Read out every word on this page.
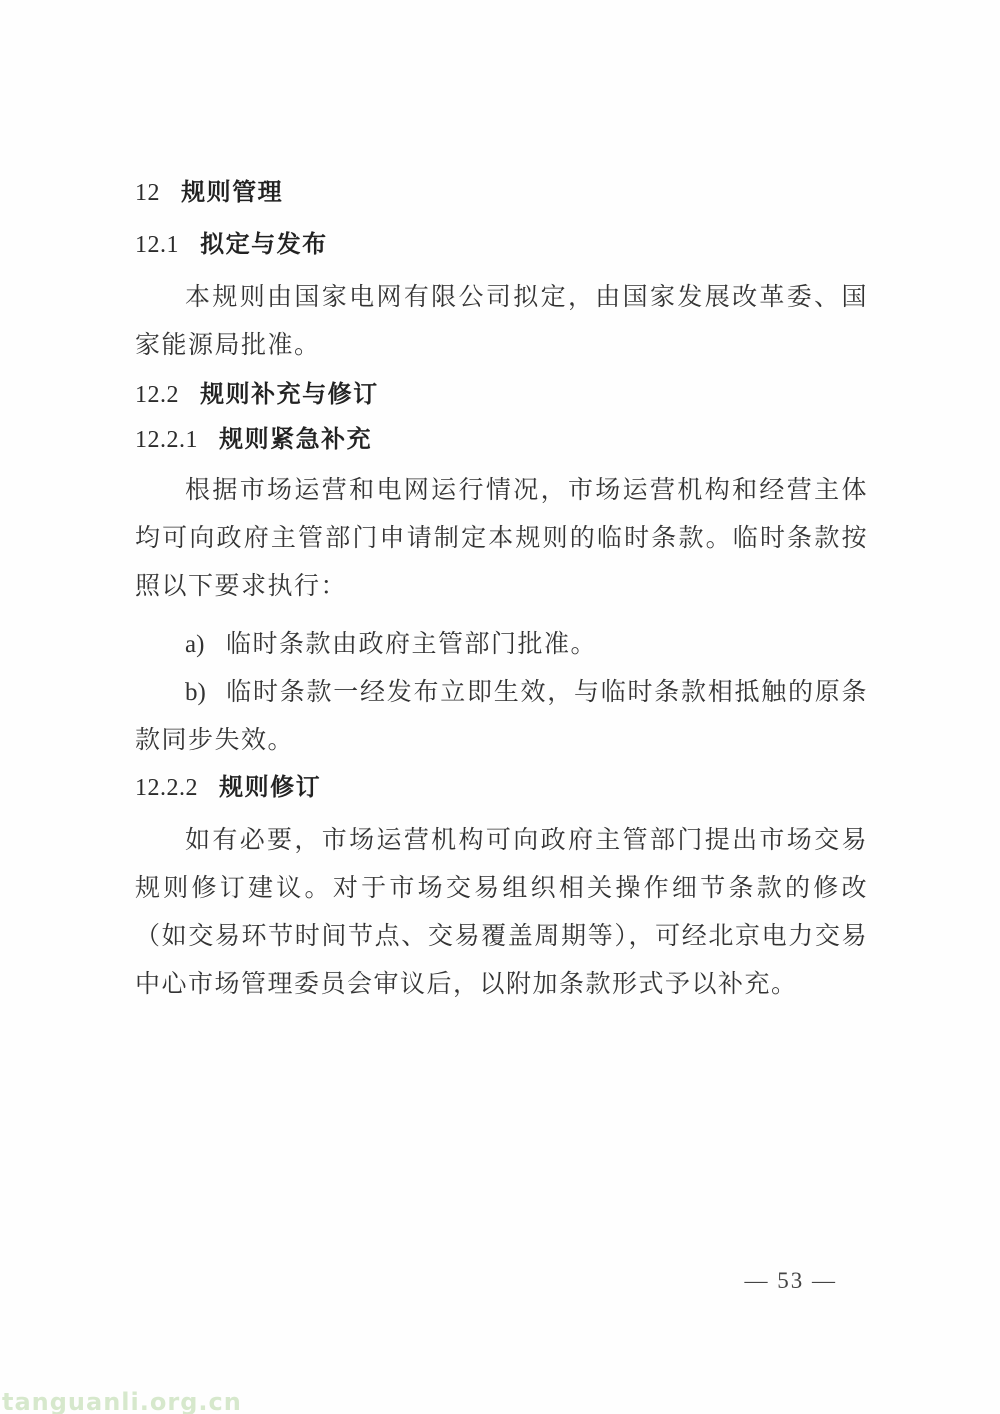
12 规则管理
12.1 拟定与发布

本规则由国家电网有限公司拟定，由国家发展改革委、国家能源局批准。

12.2 规则补充与修订
12.2.1 规则紧急补充

根据市场运营和电网运行情况，市场运营机构和经营主体均可向政府主管部门申请制定本规则的临时条款。临时条款按照以下要求执行：

a) 临时条款由政府主管部门批准。

b) 临时条款一经发布立即生效，与临时条款相抵触的原条款同步失效。

12.2.2 规则修订

如有必要，市场运营机构可向政府主管部门提出市场交易规则修订建议。对于市场交易组织相关操作细节条款的修改（如交易环节时间节点、交易覆盖周期等），可经北京电力交易中心市场管理委员会审议后，以附加条款形式予以补充。

— 53 —
tanguanli.org.cn
